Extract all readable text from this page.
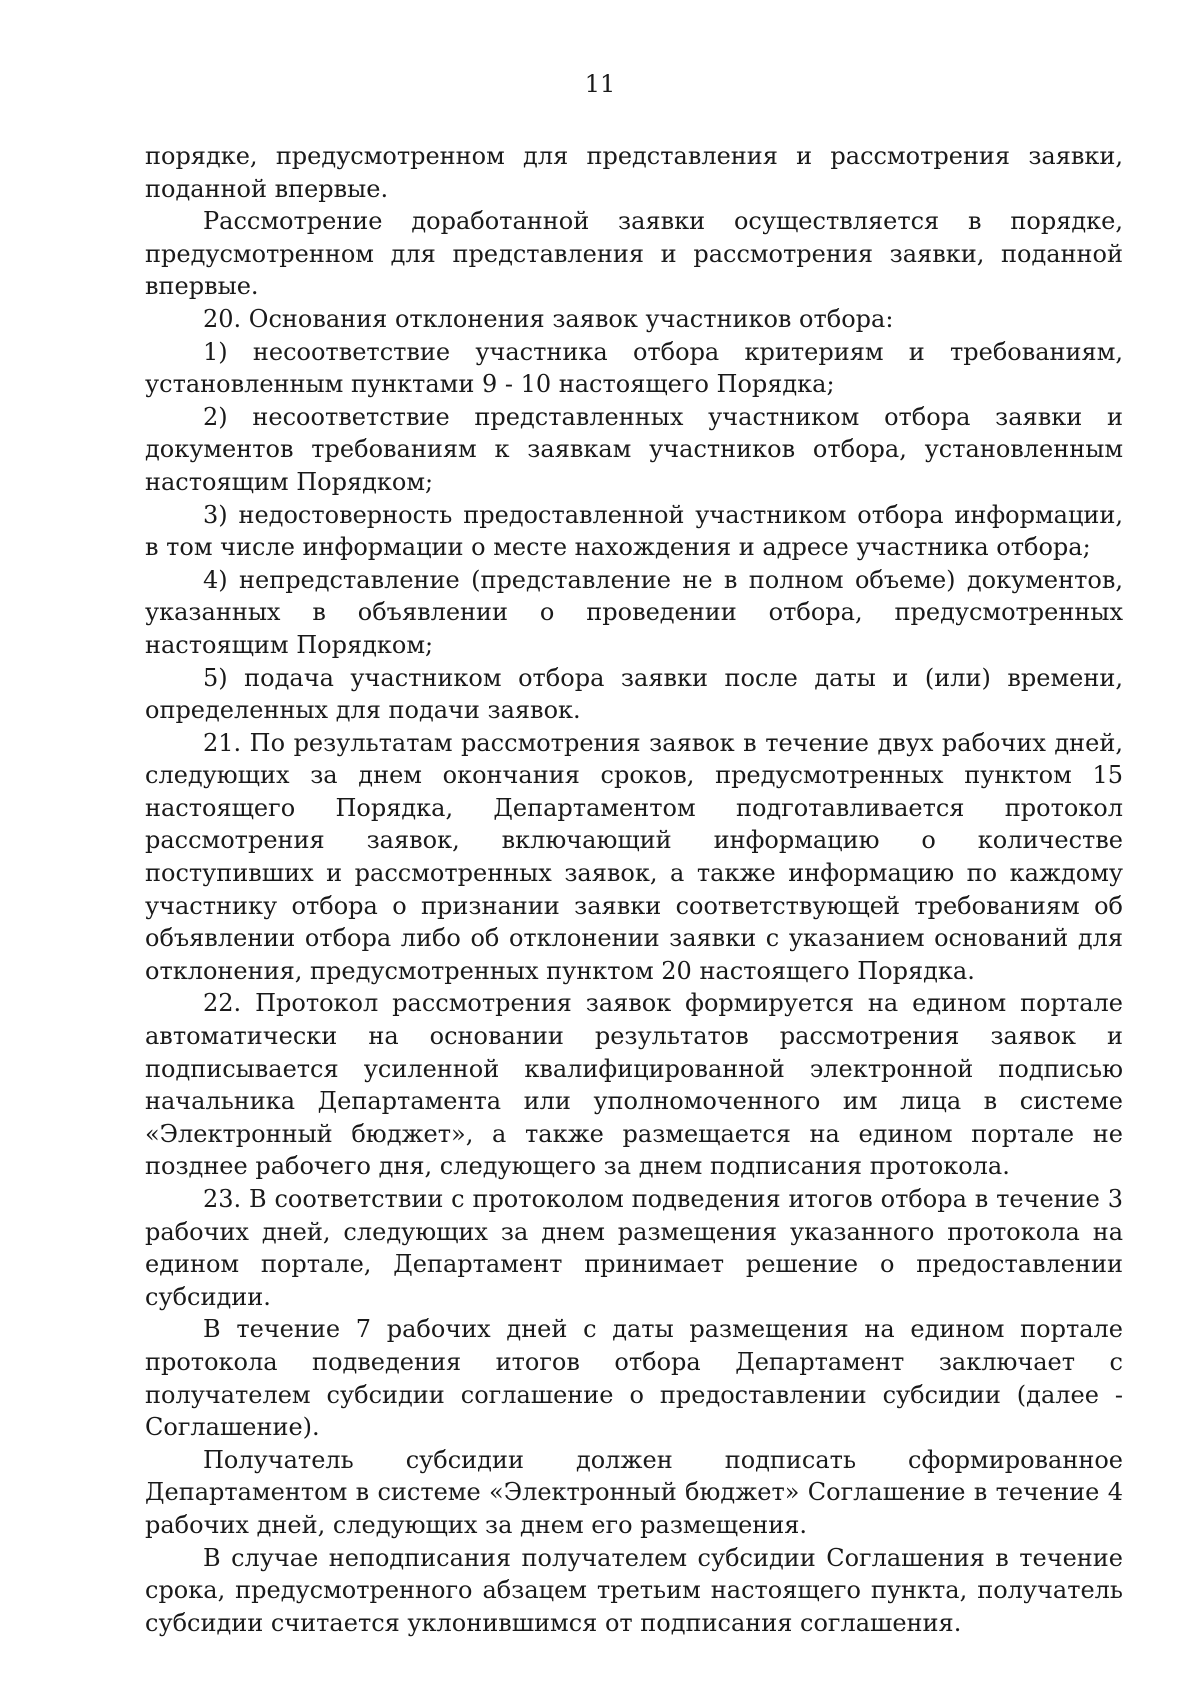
11

порядке, предусмотренном для представления и рассмотрения заявки, поданной впервые.

Рассмотрение доработанной заявки осуществляется в порядке, предусмотренном для представления и рассмотрения заявки, поданной впервые.

20. Основания отклонения заявок участников отбора:

1) несоответствие участника отбора критериям и требованиям, установленным пунктами 9 - 10 настоящего Порядка;

2) несоответствие представленных участником отбора заявки и документов требованиям к заявкам участников отбора, установленным настоящим Порядком;

3) недостоверность предоставленной участником отбора информации, в том числе информации о месте нахождения и адресе участника отбора;

4) непредставление (представление не в полном объеме) документов, указанных в объявлении о проведении отбора, предусмотренных настоящим Порядком;

5) подача участником отбора заявки после даты и (или) времени, определенных для подачи заявок.

21. По результатам рассмотрения заявок в течение двух рабочих дней, следующих за днем окончания сроков, предусмотренных пунктом 15 настоящего Порядка, Департаментом подготавливается протокол рассмотрения заявок, включающий информацию о количестве поступивших и рассмотренных заявок, а также информацию по каждому участнику отбора о признании заявки соответствующей требованиям об объявлении отбора либо об отклонении заявки с указанием оснований для отклонения, предусмотренных пунктом 20 настоящего Порядка.

22. Протокол рассмотрения заявок формируется на едином портале автоматически на основании результатов рассмотрения заявок и подписывается усиленной квалифицированной электронной подписью начальника Департамента или уполномоченного им лица в системе «Электронный бюджет», а также размещается на едином портале не позднее рабочего дня, следующего за днем подписания протокола.

23. В соответствии с протоколом подведения итогов отбора в течение 3 рабочих дней, следующих за днем размещения указанного протокола на едином портале, Департамент принимает решение о предоставлении субсидии.

В течение 7 рабочих дней с даты размещения на едином портале протокола подведения итогов отбора Департамент заключает с получателем субсидии соглашение о предоставлении субсидии (далее - Соглашение).

Получатель субсидии должен подписать сформированное Департаментом в системе «Электронный бюджет» Соглашение в течение 4 рабочих дней, следующих за днем его размещения.

В случае неподписания получателем субсидии Соглашения в течение срока, предусмотренного абзацем третьим настоящего пункта, получатель субсидии считается уклонившимся от подписания соглашения.
